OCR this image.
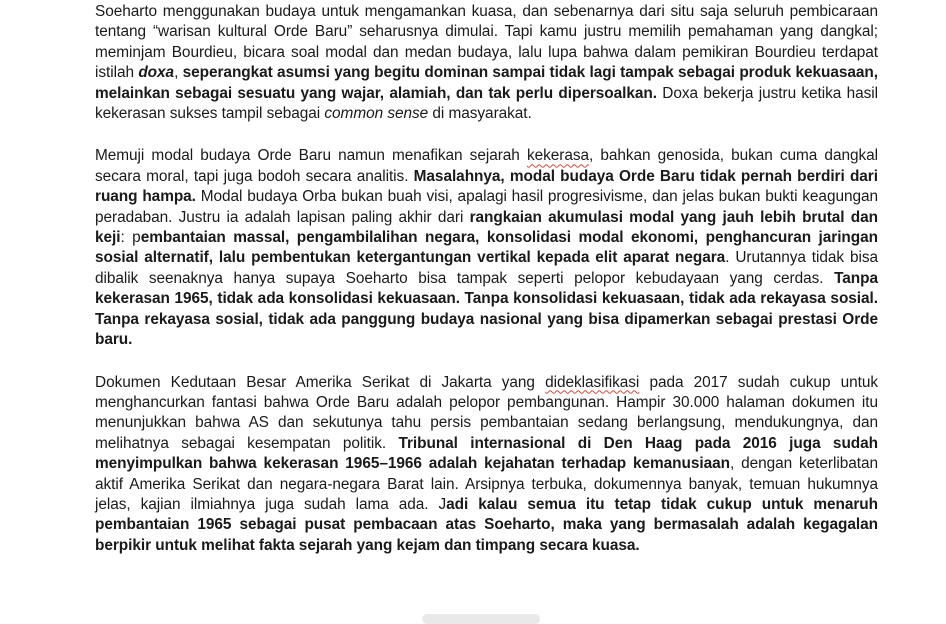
Soeharto menggunakan budaya untuk mengamankan kuasa, dan sebenarnya dari situ saja seluruh pembicaraan tentang “warisan kultural Orde Baru” seharusnya dimulai. Tapi kamu justru memilih pemahaman yang dangkal; meminjam Bourdieu, bicara soal modal dan medan budaya, lalu lupa bahwa dalam pemikiran Bourdieu terdapat istilah doxa, seperangkat asumsi yang begitu dominan sampai tidak lagi tampak sebagai produk kekuasaan, melainkan sebagai sesuatu yang wajar, alamiah, dan tak perlu dipersoalkan. Doxa bekerja justru ketika hasil kekerasan sukses tampil sebagai common sense di masyarakat.

Memuji modal budaya Orde Baru namun menafikan sejarah kekerasa, bahkan genosida, bukan cuma dangkal secara moral, tapi juga bodoh secara analitis. Masalahnya, modal budaya Orde Baru tidak pernah berdiri dari ruang hampa. Modal budaya Orba bukan buah visi, apalagi hasil progresivisme, dan jelas bukan bukti keagungan peradaban. Justru ia adalah lapisan paling akhir dari rangkaian akumulasi modal yang jauh lebih brutal dan keji: pembantaian massal, pengambilalihan negara, konsolidasi modal ekonomi, penghancuran jaringan sosial alternatif, lalu pembentukan ketergantungan vertikal kepada elit aparat negara. Urutannya tidak bisa dibalik seenaknya hanya supaya Soeharto bisa tampak seperti pelopor kebudayaan yang cerdas. Tanpa kekerasan 1965, tidak ada konsolidasi kekuasaan. Tanpa konsolidasi kekuasaan, tidak ada rekayasa sosial. Tanpa rekayasa sosial, tidak ada panggung budaya nasional yang bisa dipamerkan sebagai prestasi Orde baru.

Dokumen Kedutaan Besar Amerika Serikat di Jakarta yang dideklasifikasi pada 2017 sudah cukup untuk menghancurkan fantasi bahwa Orde Baru adalah pelopor pembangunan. Hampir 30.000 halaman dokumen itu menunjukkan bahwa AS dan sekutunya tahu persis pembantaian sedang berlangsung, mendukungnya, dan melihatnya sebagai kesempatan politik. Tribunal internasional di Den Haag pada 2016 juga sudah menyimpulkan bahwa kekerasan 1965–1966 adalah kejahatan terhadap kemanusiaan, dengan keterlibatan aktif Amerika Serikat dan negara-negara Barat lain. Arsipnya terbuka, dokumennya banyak, temuan hukumnya jelas, kajian ilmiahnya juga sudah lama ada. Jadi kalau semua itu tetap tidak cukup untuk menaruh pembantaian 1965 sebagai pusat pembacaan atas Soeharto, maka yang bermasalah adalah kegagalan berpikir untuk melihat fakta sejarah yang kejam dan timpang secara kuasa.
